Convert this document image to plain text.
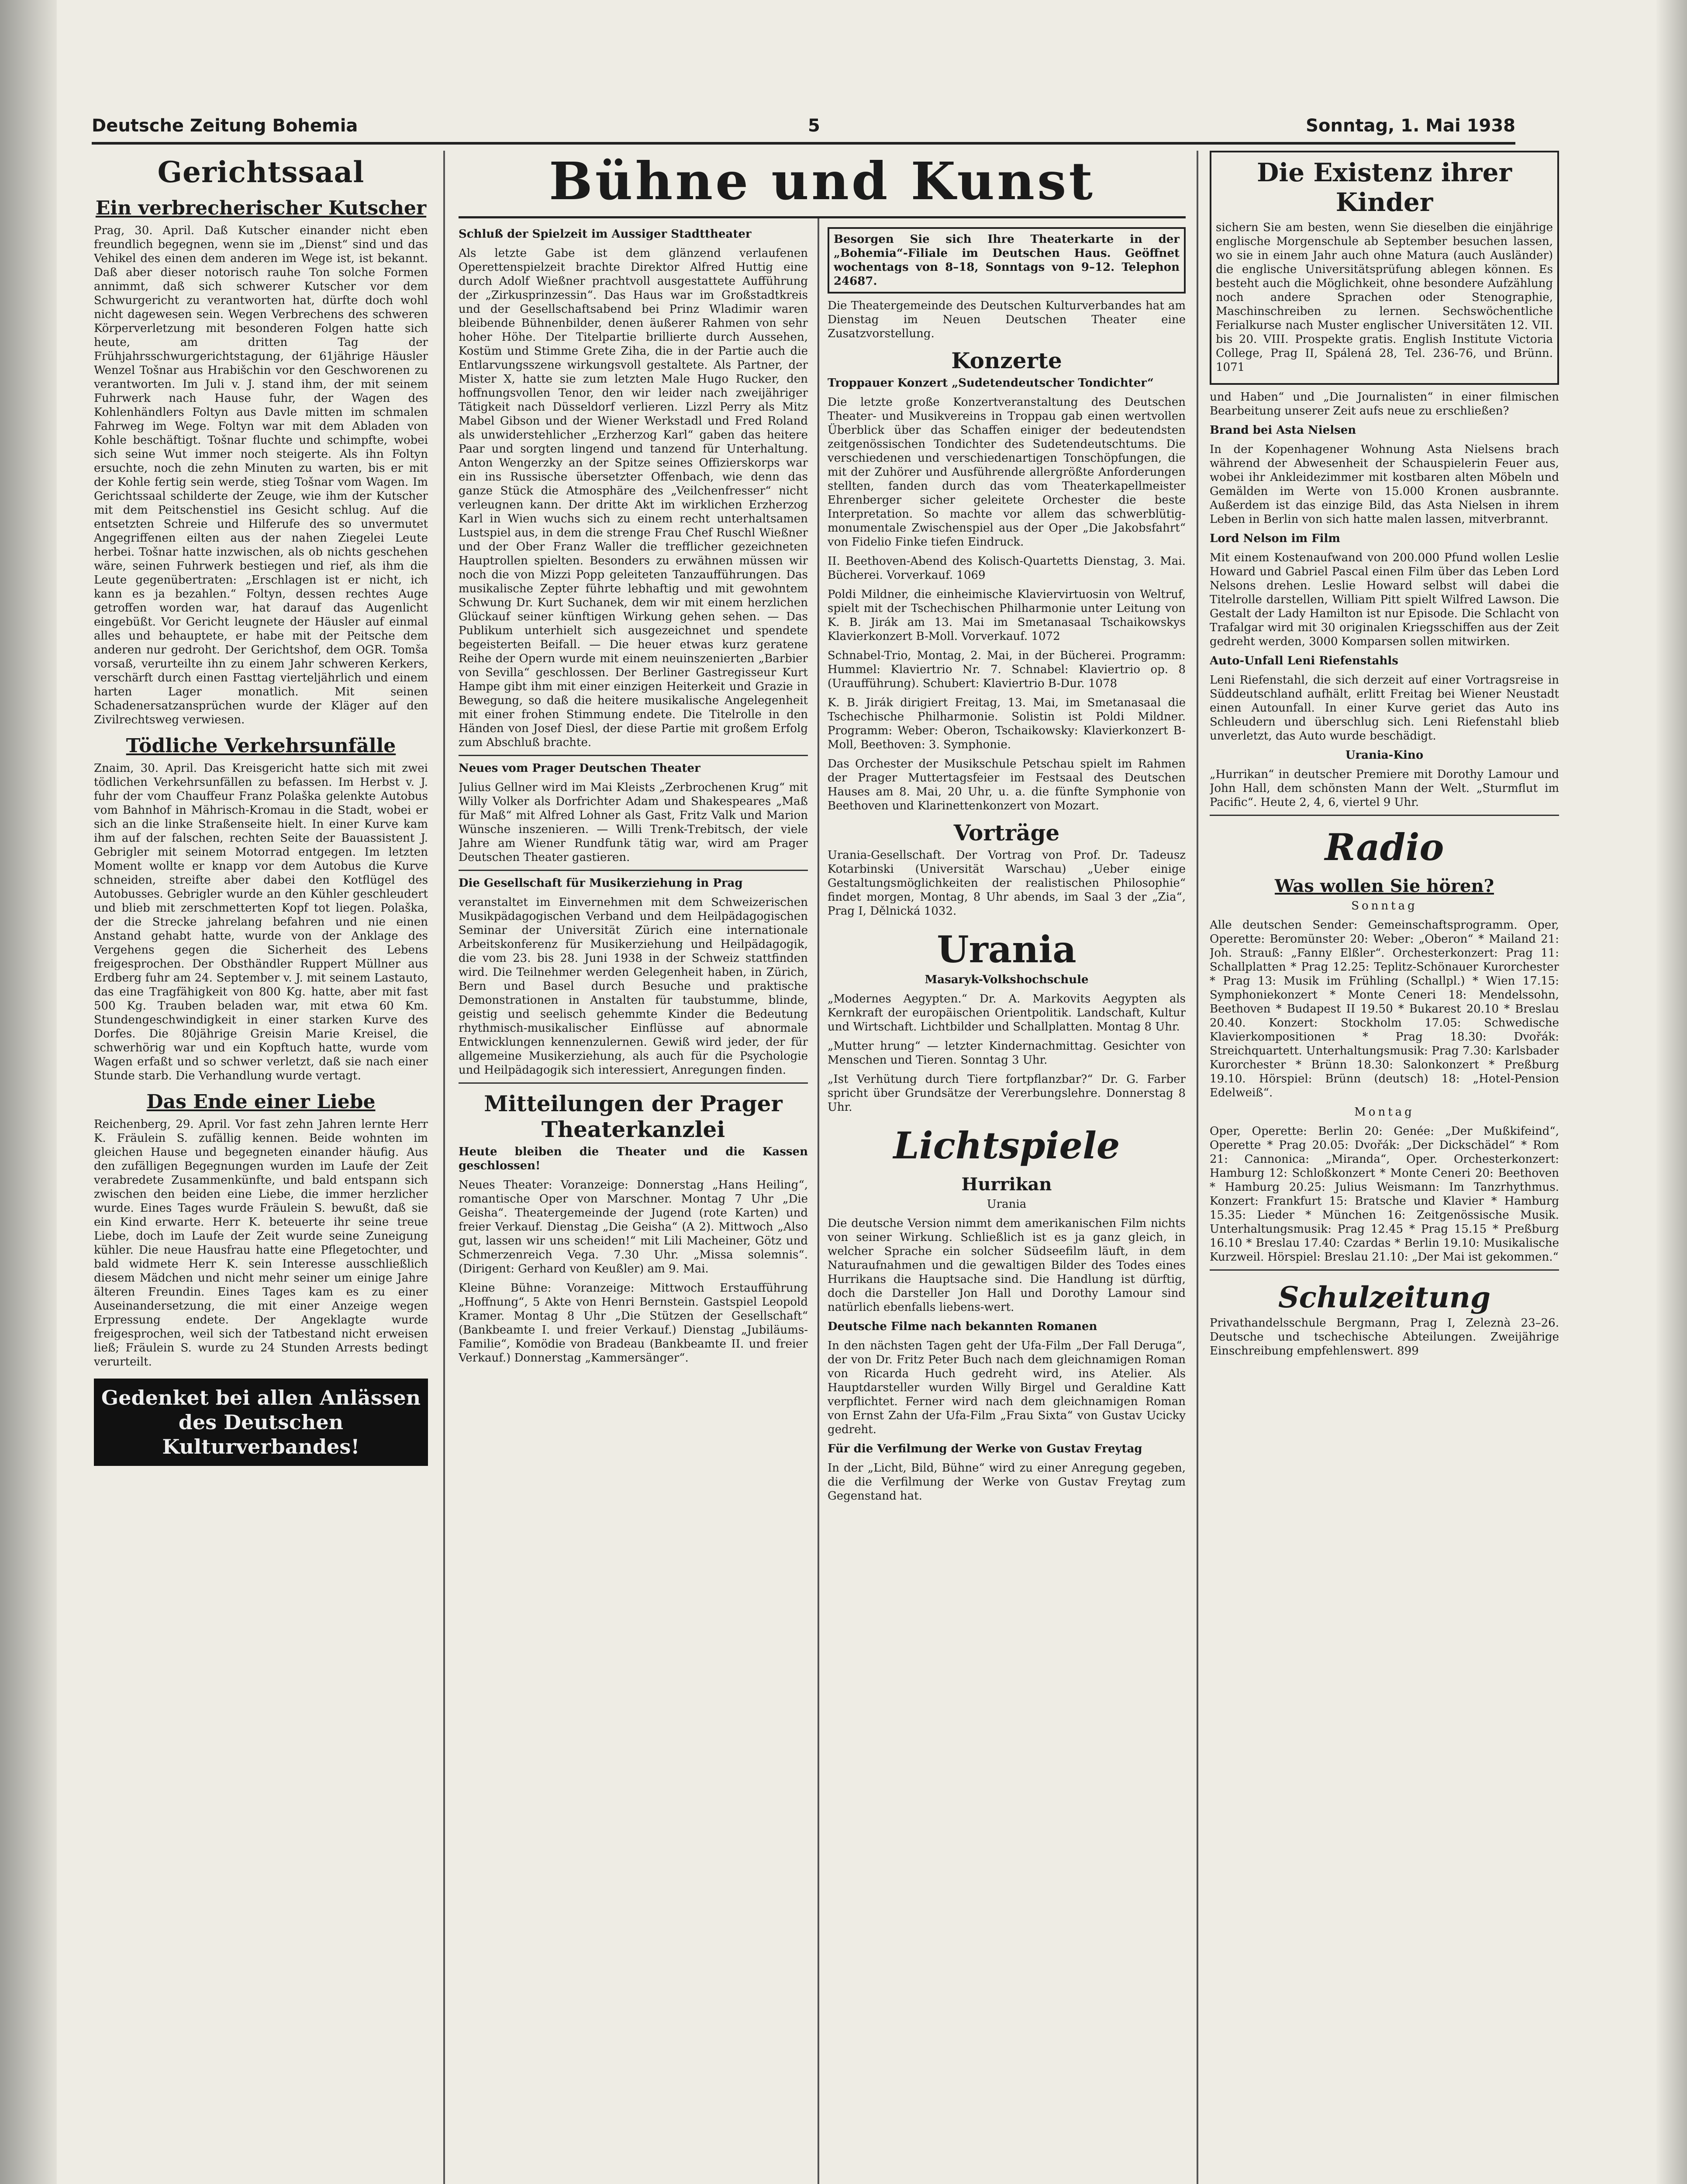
Deutsche Zeitung Bohemia	5	Sonntag, 1. Mai 1938
Gerichtssaal
Ein verbrecherischer Kutscher
Prag, 30. April. Daß Kutscher einander nicht eben freundlich begegnen, wenn sie im „Dienst“ sind und das Vehikel des einen dem anderen im Wege ist, ist bekannt. Daß aber dieser notorisch rauhe Ton solche Formen annimmt, daß sich schwerer Kutscher vor dem Schwurgericht zu verantworten hat, dürfte doch wohl nicht dagewesen sein. Wegen Verbrechens des schweren Körperverletzung mit besonderen Folgen hatte sich heute, am dritten Tag der Frühjahrsschwurgerichtstagung, der 61jährige Häusler Wenzel Tošnar aus Hrabišchin vor den Geschworenen zu verantworten. Im Juli v. J. stand ihm, der mit seinem Fuhrwerk nach Hause fuhr, der Wagen des Kohlenhändlers Foltyn aus Davle mitten im schmalen Fahrweg im Wege. Foltyn war mit dem Abladen von Kohle beschäftigt. Tošnar fluchte und schimpfte, wobei sich seine Wut immer noch steigerte. Als ihn Foltyn ersuchte, noch die zehn Minuten zu warten, bis er mit der Kohle fertig sein werde, stieg Tošnar vom Wagen. Im Gerichtssaal schilderte der Zeuge, wie ihm der Kutscher mit dem Peitschenstiel ins Gesicht schlug. Auf die entsetzten Schreie und Hilferufe des so unvermutet Angegriffenen eilten aus der nahen Ziegelei Leute herbei. Tošnar hatte inzwischen, als ob nichts geschehen wäre, seinen Fuhrwerk bestiegen und rief, als ihm die Leute gegenübertraten: „Erschlagen ist er nicht, ich kann es ja bezahlen.“ Foltyn, dessen rechtes Auge getroffen worden war, hat darauf das Augenlicht eingebüßt. Vor Gericht leugnete der Häusler auf einmal alles und behauptete, er habe mit der Peitsche dem anderen nur gedroht. Der Gerichtshof, dem OGR. Tomša vorsaß, verurteilte ihn zu einem Jahr schweren Kerkers, verschärft durch einen Fasttag vierteljährlich und einem harten Lager monatlich. Mit seinen Schadenersatzansprüchen wurde der Kläger auf den Zivilrechtsweg verwiesen.
Tödliche Verkehrsunfälle
Znaim, 30. April. Das Kreisgericht hatte sich mit zwei tödlichen Verkehrsunfällen zu befassen. Im Herbst v. J. fuhr der vom Chauffeur Franz Polaška gelenkte Autobus vom Bahnhof in Mährisch-Kromau in die Stadt, wobei er sich an die linke Straßenseite hielt. In einer Kurve kam ihm auf der falschen, rechten Seite der Bauassistent J. Gebrigler mit seinem Motorrad entgegen. Im letzten Moment wollte er knapp vor dem Autobus die Kurve schneiden, streifte aber dabei den Kotflügel des Autobusses. Gebrigler wurde an den Kühler geschleudert und blieb mit zerschmetterten Kopf tot liegen. Polaška, der die Strecke jahrelang befahren und nie einen Anstand gehabt hatte, wurde von der Anklage des Vergehens gegen die Sicherheit des Lebens freigesprochen. Der Obsthändler Ruppert Müllner aus Erdberg fuhr am 24. September v. J. mit seinem Lastauto, das eine Tragfähigkeit von 800 Kg. hatte, aber mit fast 500 Kg. Trauben beladen war, mit etwa 60 Km. Stundengeschwindigkeit in einer starken Kurve des Dorfes. Die 80jährige Greisin Marie Kreisel, die schwerhörig war und ein Kopftuch hatte, wurde vom Wagen erfaßt und so schwer verletzt, daß sie nach einer Stunde starb. Die Verhandlung wurde vertagt.
Das Ende einer Liebe
Reichenberg, 29. April. Vor fast zehn Jahren lernte Herr K. Fräulein S. zufällig kennen. Beide wohnten im gleichen Hause und begegneten einander häufig. Aus den zufälligen Begegnungen wurden im Laufe der Zeit verabredete Zusammenkünfte, und bald entspann sich zwischen den beiden eine Liebe, die immer herzlicher wurde. Eines Tages wurde Fräulein S. bewußt, daß sie ein Kind erwarte. Herr K. beteuerte ihr seine treue Liebe, doch im Laufe der Zeit wurde seine Zuneigung kühler. Die neue Hausfrau hatte eine Pflegetochter, und bald widmete Herr K. sein Interesse ausschließlich diesem Mädchen und nicht mehr seiner um einige Jahre älteren Freundin. Eines Tages kam es zu einer Auseinandersetzung, die mit einer Anzeige wegen Erpressung endete. Der Angeklagte wurde freigesprochen, weil sich der Tatbestand nicht erweisen ließ; Fräulein S. wurde zu 24 Stunden Arrests bedingt verurteilt.
Gedenket bei allen Anlässen des Deutschen Kulturverbandes!
Bühne und Kunst
Schluß der Spielzeit im Aussiger Stadttheater
Als letzte Gabe ist dem glänzend verlaufenen Operettenspielzeit brachte Direktor Alfred Huttig eine durch Adolf Wießner prachtvoll ausgestattete Aufführung der „Zirkusprinzessin“. Das Haus war im Großstadtkreis und der Gesellschaftsabend bei Prinz Wladimir waren bleibende Bühnenbilder, denen äußerer Rahmen von sehr hoher Höhe. Der Titelpartie brillierte durch Aussehen, Kostüm und Stimme Grete Ziha, die in der Partie auch die Entlarvungsszene wirkungsvoll gestaltete. Als Partner, der Mister X, hatte sie zum letzten Male Hugo Rucker, den hoffnungsvollen Tenor, den wir leider nach zweijähriger Tätigkeit nach Düsseldorf verlieren. Lizzl Perry als Mitz Mabel Gibson und der Wiener Werkstadl und Fred Roland als unwiderstehlicher „Erzherzog Karl“ gaben das heitere Paar und sorgten lingend und tanzend für Unterhaltung. Anton Wengerzky an der Spitze seines Offizierskorps war ein ins Russische übersetzter Offenbach, wie denn das ganze Stück die Atmosphäre des „Veilchenfresser“ nicht verleugnen kann. Der dritte Akt im wirklichen Erzherzog Karl in Wien wuchs sich zu einem recht unterhaltsamen Lustspiel aus, in dem die strenge Frau Chef Ruschl Wießner und der Ober Franz Waller die trefflicher gezeichneten Hauptrollen spielten. Besonders zu erwähnen müssen wir noch die von Mizzi Popp geleiteten Tanzaufführungen. Das musikalische Zepter führte lebhaftig und mit gewohntem Schwung Dr. Kurt Suchanek, dem wir mit einem herzlichen Glückauf seiner künftigen Wirkung gehen sehen. — Das Publikum unterhielt sich ausgezeichnet und spendete begeisterten Beifall. — Die heuer etwas kurz geratene Reihe der Opern wurde mit einem neuinszenierten „Barbier von Sevilla“ geschlossen. Der Berliner Gastregisseur Kurt Hampe gibt ihm mit einer einzigen Heiterkeit und Grazie in Bewegung, so daß die heitere musikalische Angelegenheit mit einer frohen Stimmung endete. Die Titelrolle in den Händen von Josef Diesl, der diese Partie mit großem Erfolg zum Abschluß brachte.
Neues vom Prager Deutschen Theater
Julius Gellner wird im Mai Kleists „Zerbrochenen Krug“ mit Willy Volker als Dorfrichter Adam und Shakespeares „Maß für Maß“ mit Alfred Lohner als Gast, Fritz Valk und Marion Wünsche inszenieren. — Willi Trenk-Trebitsch, der viele Jahre am Wiener Rundfunk tätig war, wird am Prager Deutschen Theater gastieren.
Die Gesellschaft für Musikerziehung in Prag
veranstaltet im Einvernehmen mit dem Schweizerischen Musikpädagogischen Verband und dem Heilpädagogischen Seminar der Universität Zürich eine internationale Arbeitskonferenz für Musikerziehung und Heilpädagogik, die vom 23. bis 28. Juni 1938 in der Schweiz stattfinden wird. Die Teilnehmer werden Gelegenheit haben, in Zürich, Bern und Basel durch Besuche und praktische Demonstrationen in Anstalten für taubstumme, blinde, geistig und seelisch gehemmte Kinder die Bedeutung rhythmisch-musikalischer Einflüsse auf abnormale Entwicklungen kennenzulernen. Gewiß wird jeder, der für allgemeine Musikerziehung, als auch für die Psychologie und Heilpädagogik sich interessiert, Anregungen finden.
Mitteilungen der Prager Theaterkanzlei
Heute bleiben die Theater und die Kassen geschlossen!
Neues Theater: Voranzeige: Donnerstag „Hans Heiling“, romantische Oper von Marschner. Montag 7 Uhr „Die Geisha“. Theatergemeinde der Jugend (rote Karten) und freier Verkauf. Dienstag „Die Geisha“ (A 2). Mittwoch „Also gut, lassen wir uns scheiden!“ mit Lili Macheiner, Götz und Schmerzenreich Vega. 7.30 Uhr. „Missa solemnis“. (Dirigent: Gerhard von Keußler) am 9. Mai.
Kleine Bühne: Voranzeige: Mittwoch Erstaufführung „Hoffnung“, 5 Akte von Henri Bernstein. Gastspiel Leopold Kramer. Montag 8 Uhr „Die Stützen der Gesellschaft“ (Bankbeamte I. und freier Verkauf.) Dienstag „Jubiläums-Familie“, Komödie von Bradeau (Bankbeamte II. und freier Verkauf.) Donnerstag „Kammersänger“.
Besorgen Sie sich Ihre Theaterkarte in der „Bohemia“-Filiale im Deutschen Haus. Geöffnet wochentags von 8–18, Sonntags von 9–12. Telephon 24687.
Die Theatergemeinde des Deutschen Kulturverbandes hat am Dienstag im Neuen Deutschen Theater eine Zusatzvorstellung.
Konzerte
Troppauer Konzert „Sudetendeutscher Tondichter“
Die letzte große Konzertveranstaltung des Deutschen Theater- und Musikvereins in Troppau gab einen wertvollen Überblick über das Schaffen einiger der bedeutendsten zeitgenössischen Tondichter des Sudetendeutschtums. Die verschiedenen und verschiedenartigen Tonschöpfungen, die mit der Zuhörer und Ausführende allergrößte Anforderungen stellten, fanden durch das vom Theaterkapellmeister Ehrenberger sicher geleitete Orchester die beste Interpretation. So machte vor allem das schwerblütig-monumentale Zwischenspiel aus der Oper „Die Jakobsfahrt“ von Fidelio Finke tiefen Eindruck.
II. Beethoven-Abend des Kolisch-Quartetts Dienstag, 3. Mai. Bücherei. Vorverkauf. 1069
Poldi Mildner, die einheimische Klaviervirtuosin von Weltruf, spielt mit der Tschechischen Philharmonie unter Leitung von K. B. Jirák am 13. Mai im Smetanasaal Tschaikowskys Klavierkonzert B-Moll. Vorverkauf. 1072
Schnabel-Trio, Montag, 2. Mai, in der Bücherei. Programm: Hummel: Klaviertrio Nr. 7. Schnabel: Klaviertrio op. 8 (Uraufführung). Schubert: Klaviertrio B-Dur. 1078
K. B. Jirák dirigiert Freitag, 13. Mai, im Smetanasaal die Tschechische Philharmonie. Solistin ist Poldi Mildner. Programm: Weber: Oberon, Tschaikowsky: Klavierkonzert B-Moll, Beethoven: 3. Symphonie.
Das Orchester der Musikschule Petschau spielt im Rahmen der Prager Muttertagsfeier im Festsaal des Deutschen Hauses am 8. Mai, 20 Uhr, u. a. die fünfte Symphonie von Beethoven und Klarinettenkonzert von Mozart.
Vorträge
Urania-Gesellschaft. Der Vortrag von Prof. Dr. Tadeusz Kotarbinski (Universität Warschau) „Ueber einige Gestaltungsmöglichkeiten der realistischen Philosophie“ findet morgen, Montag, 8 Uhr abends, im Saal 3 der „Zia“, Prag I, Dělnická 1032.
Urania
Masaryk-Volkshochschule
„Modernes Aegypten.“ Dr. A. Markovits Aegypten als Kernkraft der europäischen Orientpolitik. Landschaft, Kultur und Wirtschaft. Lichtbilder und Schallplatten. Montag 8 Uhr.
„Mutter hrung“ — letzter Kindernachmittag. Gesichter von Menschen und Tieren. Sonntag 3 Uhr.
„Ist Verhütung durch Tiere fortpflanzbar?“ Dr. G. Farber spricht über Grundsätze der Vererbungslehre. Donnerstag 8 Uhr.
Lichtspiele
Hurrikan
Urania
Die deutsche Version nimmt dem amerikanischen Film nichts von seiner Wirkung. Schließlich ist es ja ganz gleich, in welcher Sprache ein solcher Südseefilm läuft, in dem Naturaufnahmen und die gewaltigen Bilder des Todes eines Hurrikans die Hauptsache sind. Die Handlung ist dürftig, doch die Darsteller Jon Hall und Dorothy Lamour sind natürlich ebenfalls liebens-wert.
Deutsche Filme nach bekannten Romanen
In den nächsten Tagen geht der Ufa-Film „Der Fall Deruga“, der von Dr. Fritz Peter Buch nach dem gleichnamigen Roman von Ricarda Huch gedreht wird, ins Atelier. Als Hauptdarsteller wurden Willy Birgel und Geraldine Katt verpflichtet. Ferner wird nach dem gleichnamigen Roman von Ernst Zahn der Ufa-Film „Frau Sixta“ von Gustav Ucicky gedreht.
Für die Verfilmung der Werke von Gustav Freytag
In der „Licht, Bild, Bühne“ wird zu einer Anregung gegeben, die die Verfilmung der Werke von Gustav Freytag zum Gegenstand hat.
Die Existenz ihrer Kinder
sichern Sie am besten, wenn Sie dieselben die einjährige englische Morgenschule ab September besuchen lassen, wo sie in einem Jahr auch ohne Matura (auch Ausländer) die englische Universitätsprüfung ablegen können. Es besteht auch die Möglichkeit, ohne besondere Aufzählung noch andere Sprachen oder Stenographie, Maschinschreiben zu lernen. Sechswöchentliche Ferialkurse nach Muster englischer Universitäten 12. VII. bis 20. VIII. Prospekte gratis. English Institute Victoria College, Prag II, Spálená 28, Tel. 236-76, und Brünn. 1071
und Haben“ und „Die Journalisten“ in einer filmischen Bearbeitung unserer Zeit aufs neue zu erschließen?
Brand bei Asta Nielsen
In der Kopenhagener Wohnung Asta Nielsens brach während der Abwesenheit der Schauspielerin Feuer aus, wobei ihr Ankleidezimmer mit kostbaren alten Möbeln und Gemälden im Werte von 15.000 Kronen ausbrannte. Außerdem ist das einzige Bild, das Asta Nielsen in ihrem Leben in Berlin von sich hatte malen lassen, mitverbrannt.
Lord Nelson im Film
Mit einem Kostenaufwand von 200.000 Pfund wollen Leslie Howard und Gabriel Pascal einen Film über das Leben Lord Nelsons drehen. Leslie Howard selbst will dabei die Titelrolle darstellen, William Pitt spielt Wilfred Lawson. Die Gestalt der Lady Hamilton ist nur Episode. Die Schlacht von Trafalgar wird mit 30 originalen Kriegsschiffen aus der Zeit gedreht werden, 3000 Komparsen sollen mitwirken.
Auto-Unfall Leni Riefenstahls
Leni Riefenstahl, die sich derzeit auf einer Vortragsreise in Süddeutschland aufhält, erlitt Freitag bei Wiener Neustadt einen Autounfall. In einer Kurve geriet das Auto ins Schleudern und überschlug sich. Leni Riefenstahl blieb unverletzt, das Auto wurde beschädigt.
Urania-Kino
„Hurrikan“ in deutscher Premiere mit Dorothy Lamour und John Hall, dem schönsten Mann der Welt. „Sturmflut im Pacific“. Heute 2, 4, 6, viertel 9 Uhr.
Radio
Was wollen Sie hören?
Sonntag
Alle deutschen Sender: Gemeinschaftsprogramm. Oper, Operette: Beromünster 20: Weber: „Oberon“ * Mailand 21: Joh. Strauß: „Fanny Elßler“. Orchesterkonzert: Prag 11: Schallplatten * Prag 12.25: Teplitz-Schönauer Kurorchester * Prag 13: Musik im Frühling (Schallpl.) * Wien 17.15: Symphoniekonzert * Monte Ceneri 18: Mendelssohn, Beethoven * Budapest II 19.50 * Bukarest 20.10 * Breslau 20.40. Konzert: Stockholm 17.05: Schwedische Klavierkompositionen * Prag 18.30: Dvořák: Streichquartett. Unterhaltungsmusik: Prag 7.30: Karlsbader Kurorchester * Brünn 18.30: Salonkonzert * Preßburg 19.10. Hörspiel: Brünn (deutsch) 18: „Hotel-Pension Edelweiß“.
Montag
Oper, Operette: Berlin 20: Genée: „Der Mußkifeind“, Operette * Prag 20.05: Dvořák: „Der Dickschädel“ * Rom 21: Cannonica: „Miranda“, Oper. Orchesterkonzert: Hamburg 12: Schloßkonzert * Monte Ceneri 20: Beethoven * Hamburg 20.25: Julius Weismann: Im Tanzrhythmus. Konzert: Frankfurt 15: Bratsche und Klavier * Hamburg 15.35: Lieder * München 16: Zeitgenössische Musik. Unterhaltungsmusik: Prag 12.45 * Prag 15.15 * Preßburg 16.10 * Breslau 17.40: Czardas * Berlin 19.10: Musikalische Kurzweil. Hörspiel: Breslau 21.10: „Der Mai ist gekommen.“
Schulzeitung
Privathandelsschule Bergmann, Prag I, Zeleznà 23–26. Deutsche und tschechische Abteilungen. Zweijährige Einschreibung empfehlenswert. 899
